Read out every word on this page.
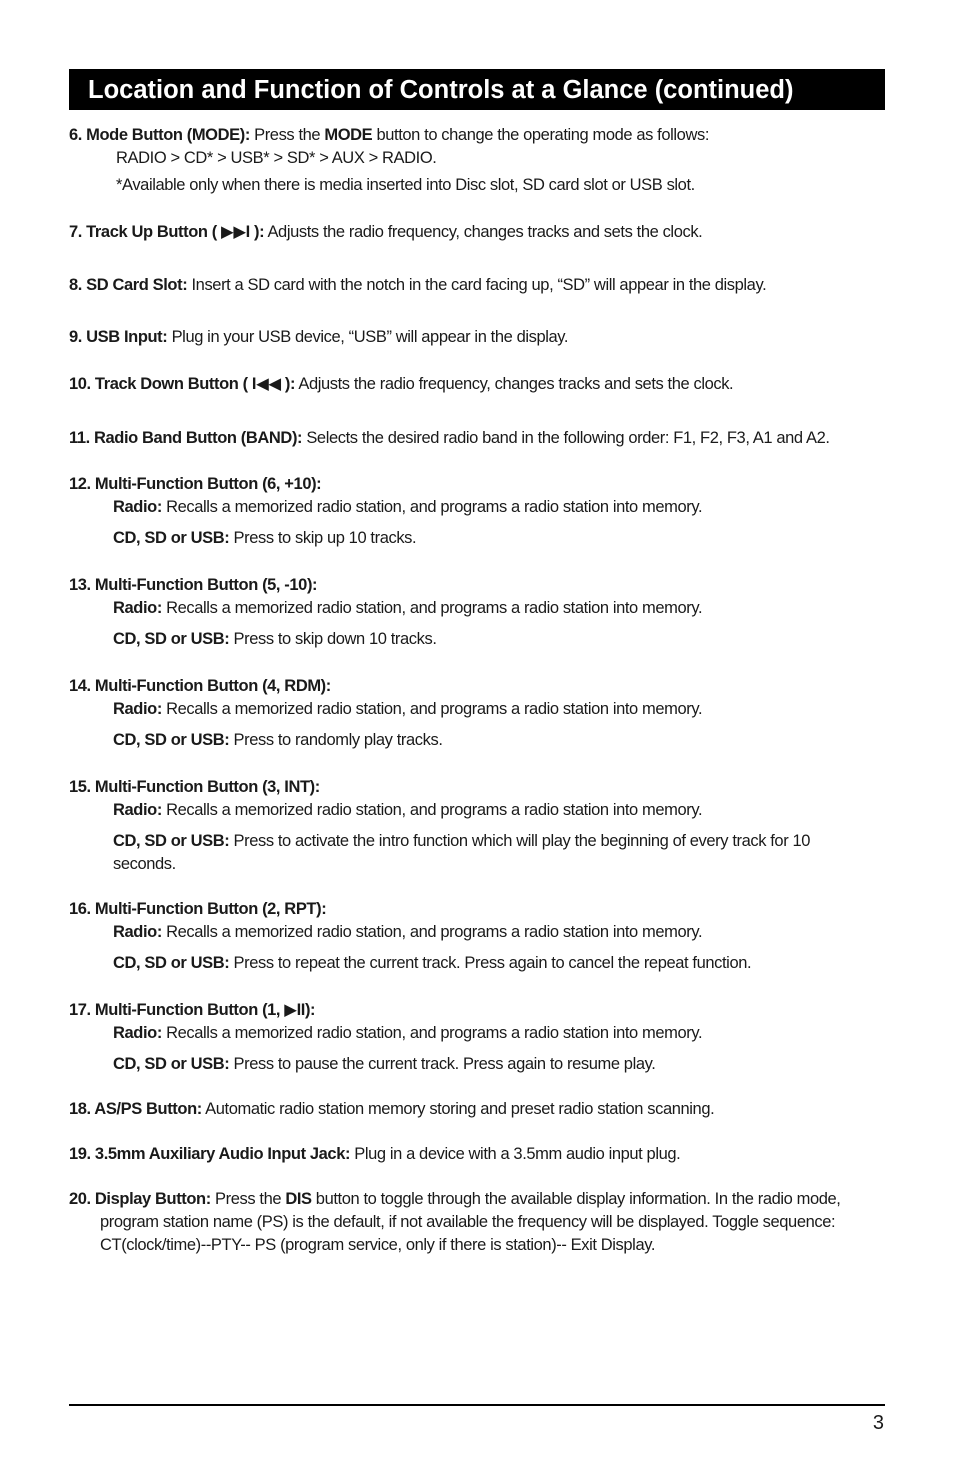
Location and Function of Controls at a Glance (continued)
6. Mode Button (MODE): Press the MODE button to change the operating mode as follows:
RADIO > CD* > USB* > SD* > AUX > RADIO.
*Available only when there is media inserted into Disc slot, SD card slot or USB slot.
7. Track Up Button ( ▶▶I ): Adjusts the radio frequency, changes tracks and sets the clock.
8. SD Card Slot: Insert a SD card with the notch in the card facing up, “SD” will appear in the display.
9. USB Input: Plug in your USB device, “USB” will appear in the display.
10. Track Down Button ( I◀◀ ): Adjusts the radio frequency, changes tracks and sets the clock.
11. Radio Band Button (BAND): Selects the desired radio band in the following order: F1, F2, F3, A1 and A2.
12. Multi-Function Button (6, +10):
Radio: Recalls a memorized radio station, and programs a radio station into memory.
CD, SD or USB: Press to skip up 10 tracks.
13. Multi-Function Button (5, -10):
Radio: Recalls a memorized radio station, and programs a radio station into memory.
CD, SD or USB: Press to skip down 10 tracks.
14. Multi-Function Button (4, RDM):
Radio: Recalls a memorized radio station, and programs a radio station into memory.
CD, SD or USB: Press to randomly play tracks.
15. Multi-Function Button (3, INT):
Radio: Recalls a memorized radio station, and programs a radio station into memory.
CD, SD or USB: Press to activate the intro function which will play the beginning of every track for 10 seconds.
16. Multi-Function Button (2, RPT):
Radio: Recalls a memorized radio station, and programs a radio station into memory.
CD, SD or USB: Press to repeat the current track. Press again to cancel the repeat function.
17. Multi-Function Button (1, ▶II):
Radio: Recalls a memorized radio station, and programs a radio station into memory.
CD, SD or USB: Press to pause the current track. Press again to resume play.
18. AS/PS Button: Automatic radio station memory storing and preset radio station scanning.
19. 3.5mm Auxiliary Audio Input Jack: Plug in a device with a 3.5mm audio input plug.
20. Display Button: Press the DIS button to toggle through the available display information. In the radio mode, program station name (PS) is the default, if not available the frequency will be displayed. Toggle sequence: CT(clock/time)--PTY-- PS (program service, only if there is station)-- Exit Display.
3
